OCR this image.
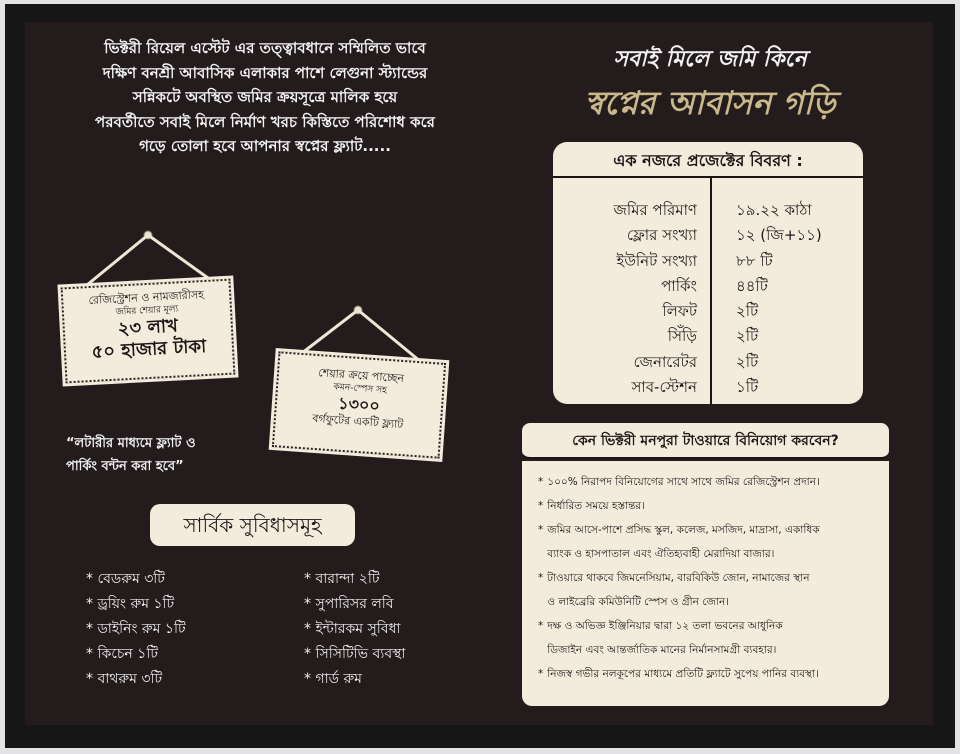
ভিক্টরী রিয়েল এস্টেট এর তত্ত্বাবধানে সম্মিলিত ভাবে
দক্ষিণ বনশ্রী আবাসিক এলাকার পাশে লেগুনা স্ট্যান্ডের
সন্নিকটে অবস্থিত জমির ক্রয়সূত্রে মালিক হয়ে
পরবর্তীতে সবাই মিলে নির্মাণ খরচ কিস্তিতে পরিশোধ করে
গড়ে তোলা হবে আপনার স্বপ্নের ফ্ল্যাট.....
রেজিস্ট্রেশন ও নামজারীসহ
জমির শেয়ার মূল্য
২৩ লাখ
৫০ হাজার টাকা
শেয়ার ক্রয়ে পাচ্ছেন
কমন-স্পেস সহ
১৩০০
বর্গফুটের একটি ফ্ল্যাট
“লটারীর মাধ্যমে ফ্ল্যাট ও
পার্কিং বন্টন করা হবে”
সার্বিক সুবিধাসমূহ
* বেডরুম ৩টি
* ড্রয়িং রুম ১টি
* ডাইনিং রুম ১টি
* কিচেন ১টি
* বাথরুম ৩টি
* বারান্দা ২টি
* সুপারিসর লবি
* ইন্টারকম সুবিধা
* সিসিটিভি ব্যবস্থা
* গার্ড রুম
সবাই মিলে জমি কিনে
স্বপ্নের আবাসন গড়ি
এক নজরে প্রজেক্টের বিবরণ :
জমির পরিমাণ	১৯.২২ কাঠা
ফ্লোর সংখ্যা	১২ (জি+১১)
ইউনিট সংখ্যা	৮৮ টি
পার্কিং	৪৪টি
লিফট	২টি
সিঁড়ি	২টি
জেনারেটর	২টি
সাব-স্টেশন	১টি
কেন ভিক্টরী মনপুরা টাওয়ারে বিনিয়োগ করবেন?
* ১০০% নিরাপদ বিনিয়োগের সাথে সাথে জমির রেজিস্ট্রেশন প্রদান।
* নির্ধারিত সময়ে হস্তান্তর।
* জমির আসে-পাশে প্রসিদ্ধ স্কুল, কলেজ, মসজিদ, মাদ্রাসা, একাধিক
ব্যাংক ও হাসপাতাল এবং ঐতিহ্যবাহী মেরাদিয়া বাজার।
* টাওয়ারে থাকবে জিমনেসিয়াম, বারবিকিউ জোন, নামাজের স্থান
ও লাইব্রেরি কমিউনিটি স্পেস ও গ্রীন জোন।
* দক্ষ ও অভিজ্ঞ ইঞ্জিনিয়ার দ্বারা ১২ তলা ভবনের আধুনিক
ডিজাইন এবং আন্তর্জাতিক মানের নির্মানসামগ্রী ব্যবহার।
* নিজস্ব গভীর নলকূপের মাধ্যমে প্রতিটি ফ্ল্যাটে সুপেয় পানির ব্যবস্থা।
